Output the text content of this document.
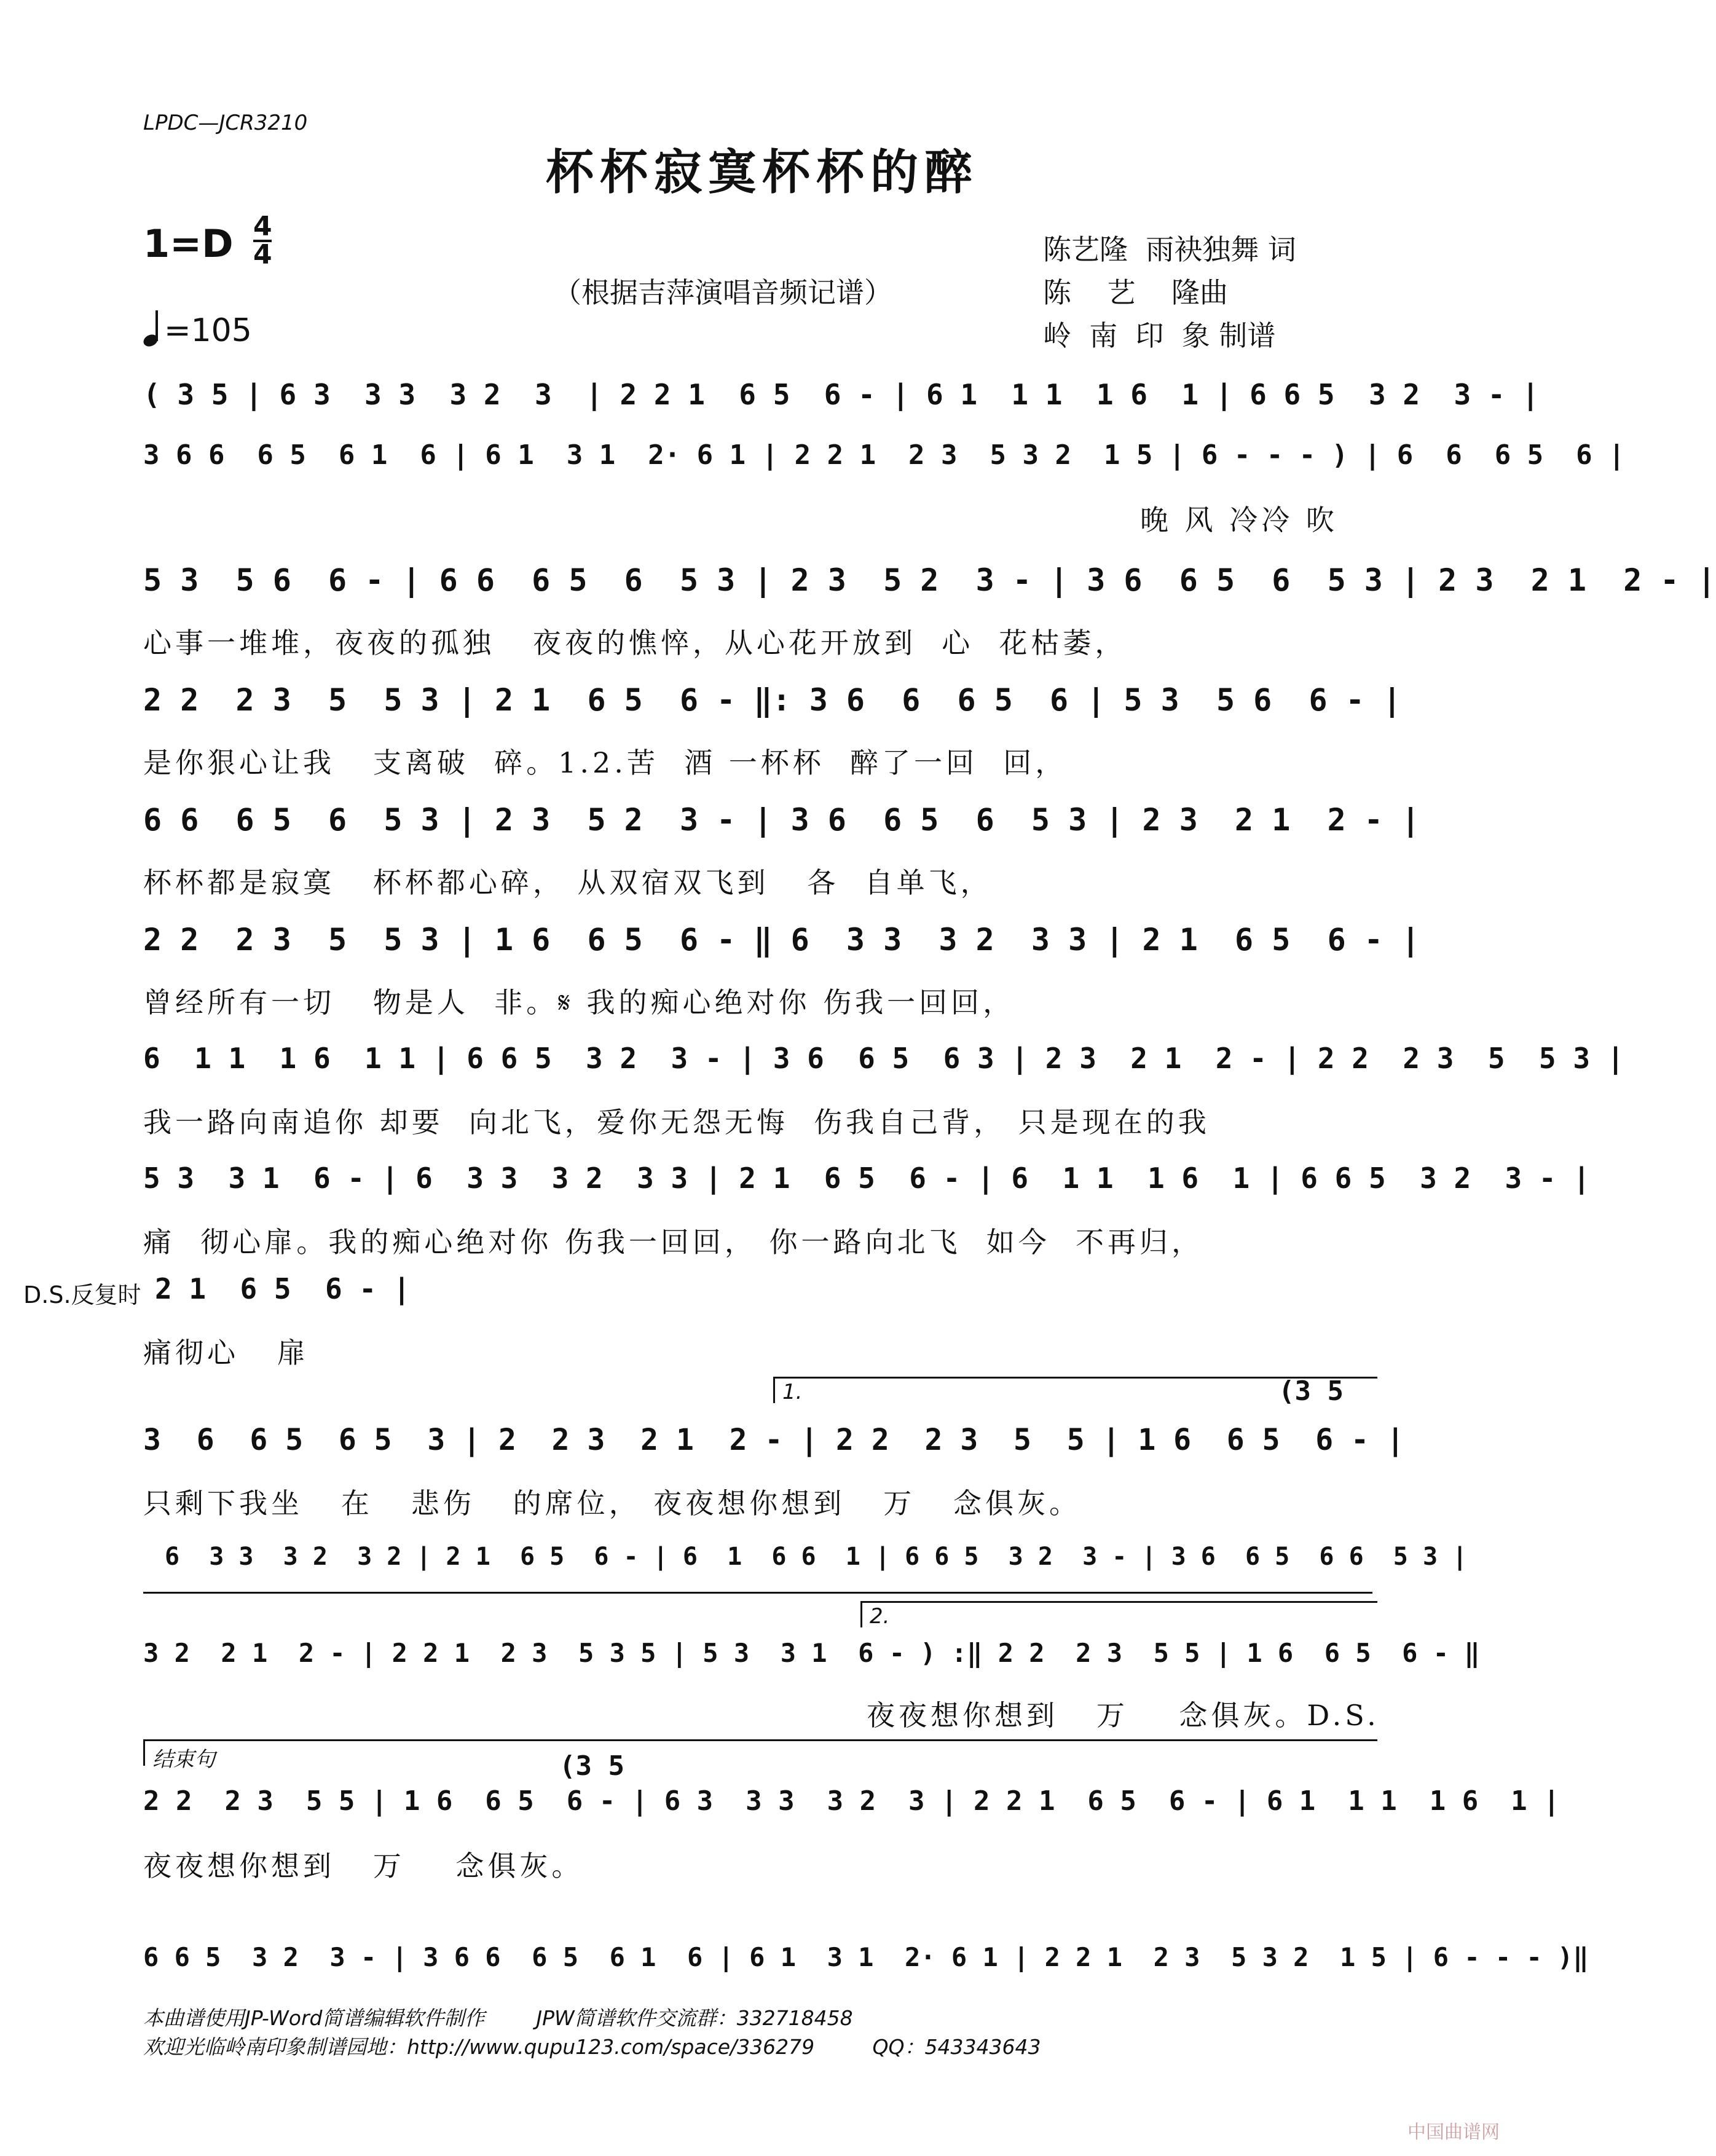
LPDC—JCR3210
杯杯寂寞杯杯的醉
1=D 4
4
=105
（根据吉萍演唱音频记谱）
陈艺隆  雨袂独舞 词
陈    艺    隆曲
岭  南  印  象 制谱
( 3 5 | 6 3  3 3  3 2  3  | 2 2 1  6 5  6 - | 6 1  1 1  1 6  1 | 6 6 5  3 2  3 - |
3 6 6  6 5  6 1  6 | 6 1  3 1  2· 6 1 | 2 2 1  2 3  5 3 2  1 5 | 6 - - - ) | 6  6  6 5  6 |
晚 风 冷冷 吹
5 3  5 6  6 - | 6 6  6 5  6  5 3 | 2 3  5 2  3 - | 3 6  6 5  6  5 3 | 2 3  2 1  2 - |
心事一堆堆，夜夜的孤独   夜夜的憔悴，从心花开放到  心  花枯萎，
2 2  2 3  5  5 3 | 2 1  6 5  6 - ‖: 3 6  6  6 5  6 | 5 3  5 6  6 - |
是你狠心让我   支离破  碎。1.2.苦  酒 一杯杯  醉了一回  回，
6 6  6 5  6  5 3 | 2 3  5 2  3 - | 3 6  6 5  6  5 3 | 2 3  2 1  2 - |
杯杯都是寂寞   杯杯都心碎， 从双宿双飞到   各  自单飞，
2 2  2 3  5  5 3 | 1 6  6 5  6 - ‖ 6  3 3  3 2  3 3 | 2 1  6 5  6 - |
曾经所有一切   物是人  非。𝄋 我的痴心绝对你 伤我一回回，
6  1 1  1 6  1 1 | 6 6 5  3 2  3 - | 3 6  6 5  6 3 | 2 3  2 1  2 - | 2 2  2 3  5  5 3 |
我一路向南追你 却要  向北飞，爱你无怨无悔  伤我自己背， 只是现在的我
5 3  3 1  6 - | 6  3 3  3 2  3 3 | 2 1  6 5  6 - | 6  1 1  1 6  1 | 6 6 5  3 2  3 - |
痛  彻心扉。我的痴心绝对你 伤我一回回， 你一路向北飞  如今  不再归，
D.S.反复时 2 1  6 5  6 - |
痛彻心   扉
1.	(3 5
3  6  6 5  6 5  3 | 2  2 3  2 1  2 - | 2 2  2 3  5  5 | 1 6  6 5  6 - |
只剩下我坐   在   悲伤   的席位， 夜夜想你想到   万   念俱灰。
6  3 3  3 2  3 2 | 2 1  6 5  6 - | 6  1  6 6  1 | 6 6 5  3 2  3 - | 3 6  6 5  6 6  5 3 |
2.
3 2  2 1  2 - | 2 2 1  2 3  5 3 5 | 5 3  3 1  6 - ) :‖ 2 2  2 3  5 5 | 1 6  6 5  6 - ‖
夜夜想你想到   万    念俱灰。D.S.
结束句	(3 5
2 2  2 3  5 5 | 1 6  6 5  6 - | 6 3  3 3  3 2  3 | 2 2 1  6 5  6 - | 6 1  1 1  1 6  1 |
夜夜想你想到   万    念俱灰。
6 6 5  3 2  3 - | 3 6 6  6 5  6 1  6 | 6 1  3 1  2· 6 1 | 2 2 1  2 3  5 3 2  1 5 | 6 - - - )‖
本曲谱使用JP-Word简谱编辑软件制作        JPW简谱软件交流群：332718458
欢迎光临岭南印象制谱园地：http://www.qupu123.com/space/336279         QQ：543343643
中国曲谱网
